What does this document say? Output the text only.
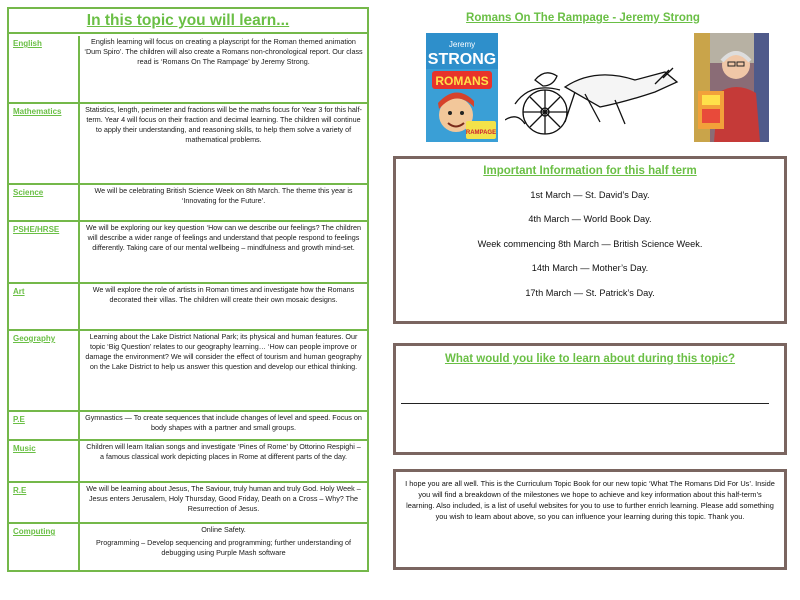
In this topic you will learn...
English	English learning will focus on creating a playscript for the Roman themed animation ‘Dum Spiro’. The children will also create a Romans non-chronological report. Our class read is ‘Romans On The Rampage’ by Jeremy Strong.
Mathematics	Statistics, length, perimeter and fractions will be the maths focus for Year 3 for this half-term. Year 4 will focus on their fraction and decimal learning. The children will continue to apply their understanding, and reasoning skills, to help them solve a variety of mathematical problems.
Science	We will be celebrating British Science Week on 8th March. The theme this year is ‘Innovating for the Future’.
PSHE/HRSE	We will be exploring our key question ‘How can we describe our feelings? The children will describe a wider range of feelings and understand that people respond to feelings differently. Taking care of our mental wellbeing – mindfulness and growth mind-set.
Art	We will explore the role of artists in Roman times and investigate how the Romans decorated their villas. The children will create their own mosaic designs.
Geography	Learning about the Lake District National Park; its physical and human features. Our topic ‘Big Question’ relates to our geography learning… ‘How can people improve or damage the environment? We will consider the effect of tourism and human geography on the Lake District to help us answer this question and develop our ethical thinking.
P.E	Gymnastics — To create sequences that include changes of level and speed. Focus on body shapes with a partner and small groups.
Music	Children will learn Italian songs and investigate ‘Pines of Rome’ by Ottorino Respighi – a famous classical work depicting places in Rome at different parts of the day.
R.E	We will be learning about Jesus, The Saviour, truly human and truly God. Holy Week – Jesus enters Jerusalem, Holy Thursday, Good Friday, Death on a Cross – Why? The Resurrection of Jesus.
Computing	Online Safety.
Programming – Develop sequencing and programming; further understanding of debugging using Purple Mash software
Romans On The Rampage - Jeremy Strong
Jeremy
STRONG
ROMANS
RAMPAGE
Important Information for this half term
1st March — St. David’s Day.
4th March — World Book Day.
Week commencing 8th March — British Science Week.
14th March — Mother’s Day.
17th March — St. Patrick’s Day.
What would you like to learn about during this topic?
I hope you are all well. This is the Curriculum Topic Book for our new topic ‘What The Romans Did For Us’. Inside you will find a breakdown of the milestones we hope to achieve and key information about this half-term’s learning. Also included, is a list of useful websites for you to use to further enrich learning. Please add something you wish to learn about above, so you can influence your learning during this topic. Thank you.
